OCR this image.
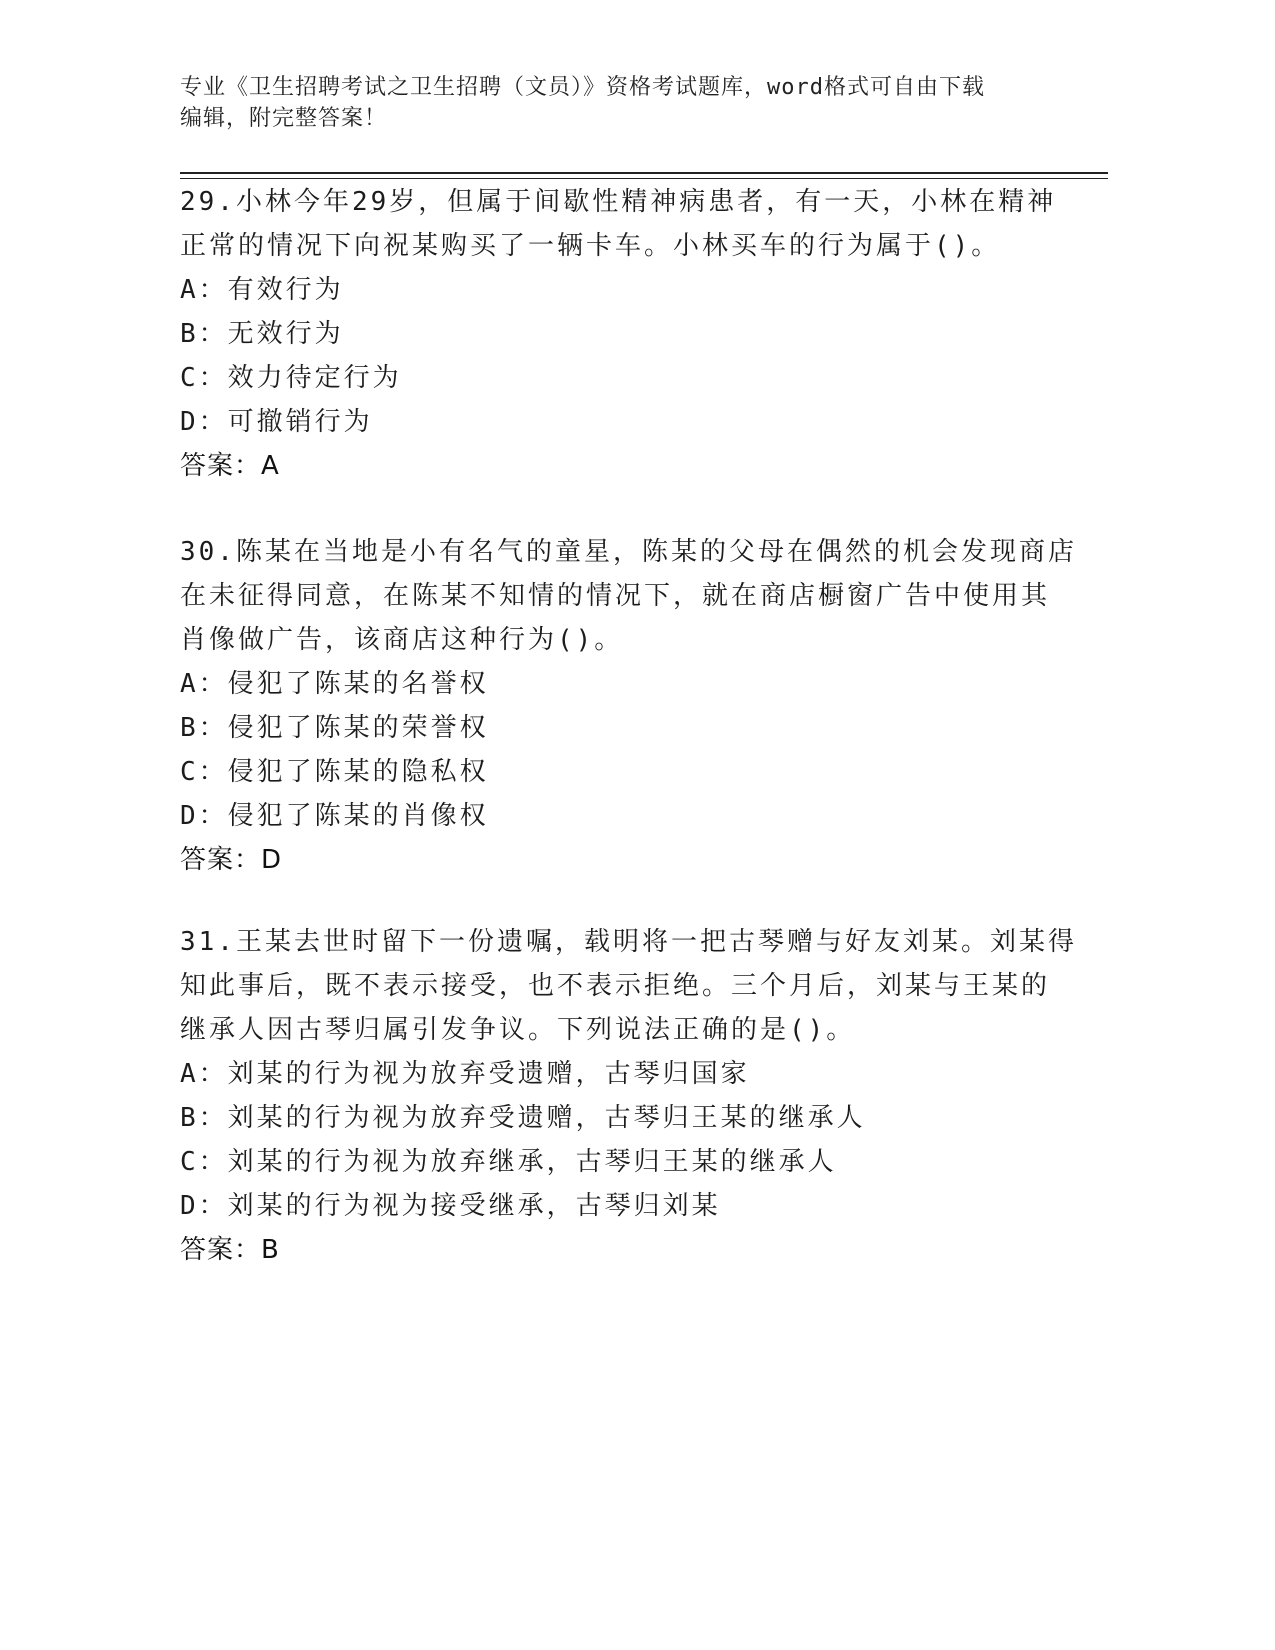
专业《卫生招聘考试之卫生招聘（文员）》资格考试题库，word格式可自由下载
编辑，附完整答案！
29.小林今年29岁，但属于间歇性精神病患者，有一天，小林在精神
正常的情况下向祝某购买了一辆卡车。小林买车的行为属于()。
A：有效行为
B：无效行为
C：效力待定行为
D：可撤销行为
答案：A
30.陈某在当地是小有名气的童星，陈某的父母在偶然的机会发现商店
在未征得同意，在陈某不知情的情况下，就在商店橱窗广告中使用其
肖像做广告，该商店这种行为()。
A：侵犯了陈某的名誉权
B：侵犯了陈某的荣誉权
C：侵犯了陈某的隐私权
D：侵犯了陈某的肖像权
答案：D
31.王某去世时留下一份遗嘱，载明将一把古琴赠与好友刘某。刘某得
知此事后，既不表示接受，也不表示拒绝。三个月后，刘某与王某的
继承人因古琴归属引发争议。下列说法正确的是()。
A：刘某的行为视为放弃受遗赠，古琴归国家
B：刘某的行为视为放弃受遗赠，古琴归王某的继承人
C：刘某的行为视为放弃继承，古琴归王某的继承人
D：刘某的行为视为接受继承，古琴归刘某
答案：B
